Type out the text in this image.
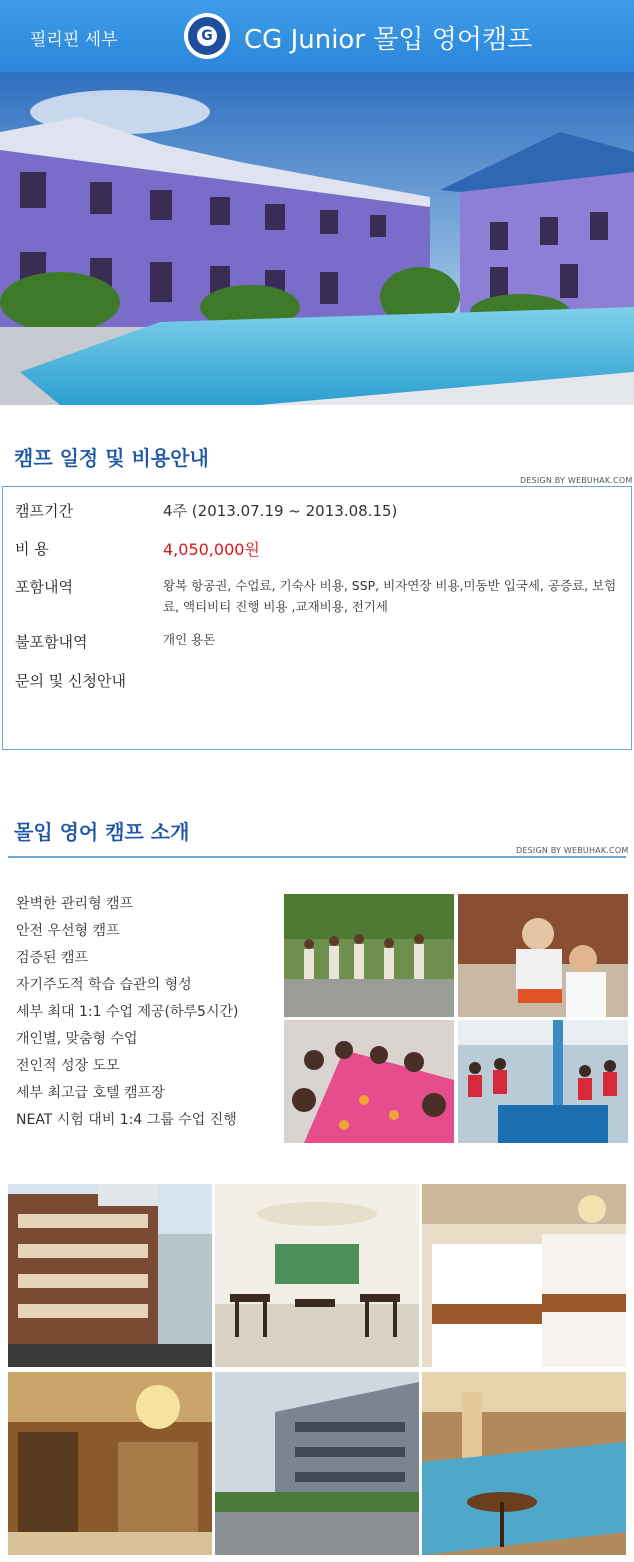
필리핀 세부	G CG Junior 몰입 영어캠프
캠프 일정 및 비용안내
DESIGN BY WEBUHAK.COM
캠프기간	4주 (2013.07.19 ~ 2013.08.15)
비 용	4,050,000원
포함내역	왕복 항공권, 수업료, 기숙사 비용, SSP, 비자연장 비용,미동반 입국세, 공증료, 보험료, 액티비티 진행 비용 ,교재비용, 전기세
불포함내역	개인 용돈
문의 및 신청안내
몰입 영어 캠프 소개
DESIGN BY WEBUHAK.COM
완벽한 관리형 캠프
안전 우선형 캠프
검증된 캠프
자기주도적 학습 습관의 형성
세부 최대 1:1 수업 제공(하루5시간)
개인별, 맞춤형 수업
전인적 성장 도모
세부 최고급 호텔 캠프장
NEAT 시험 대비 1:4 그룹 수업 진행
